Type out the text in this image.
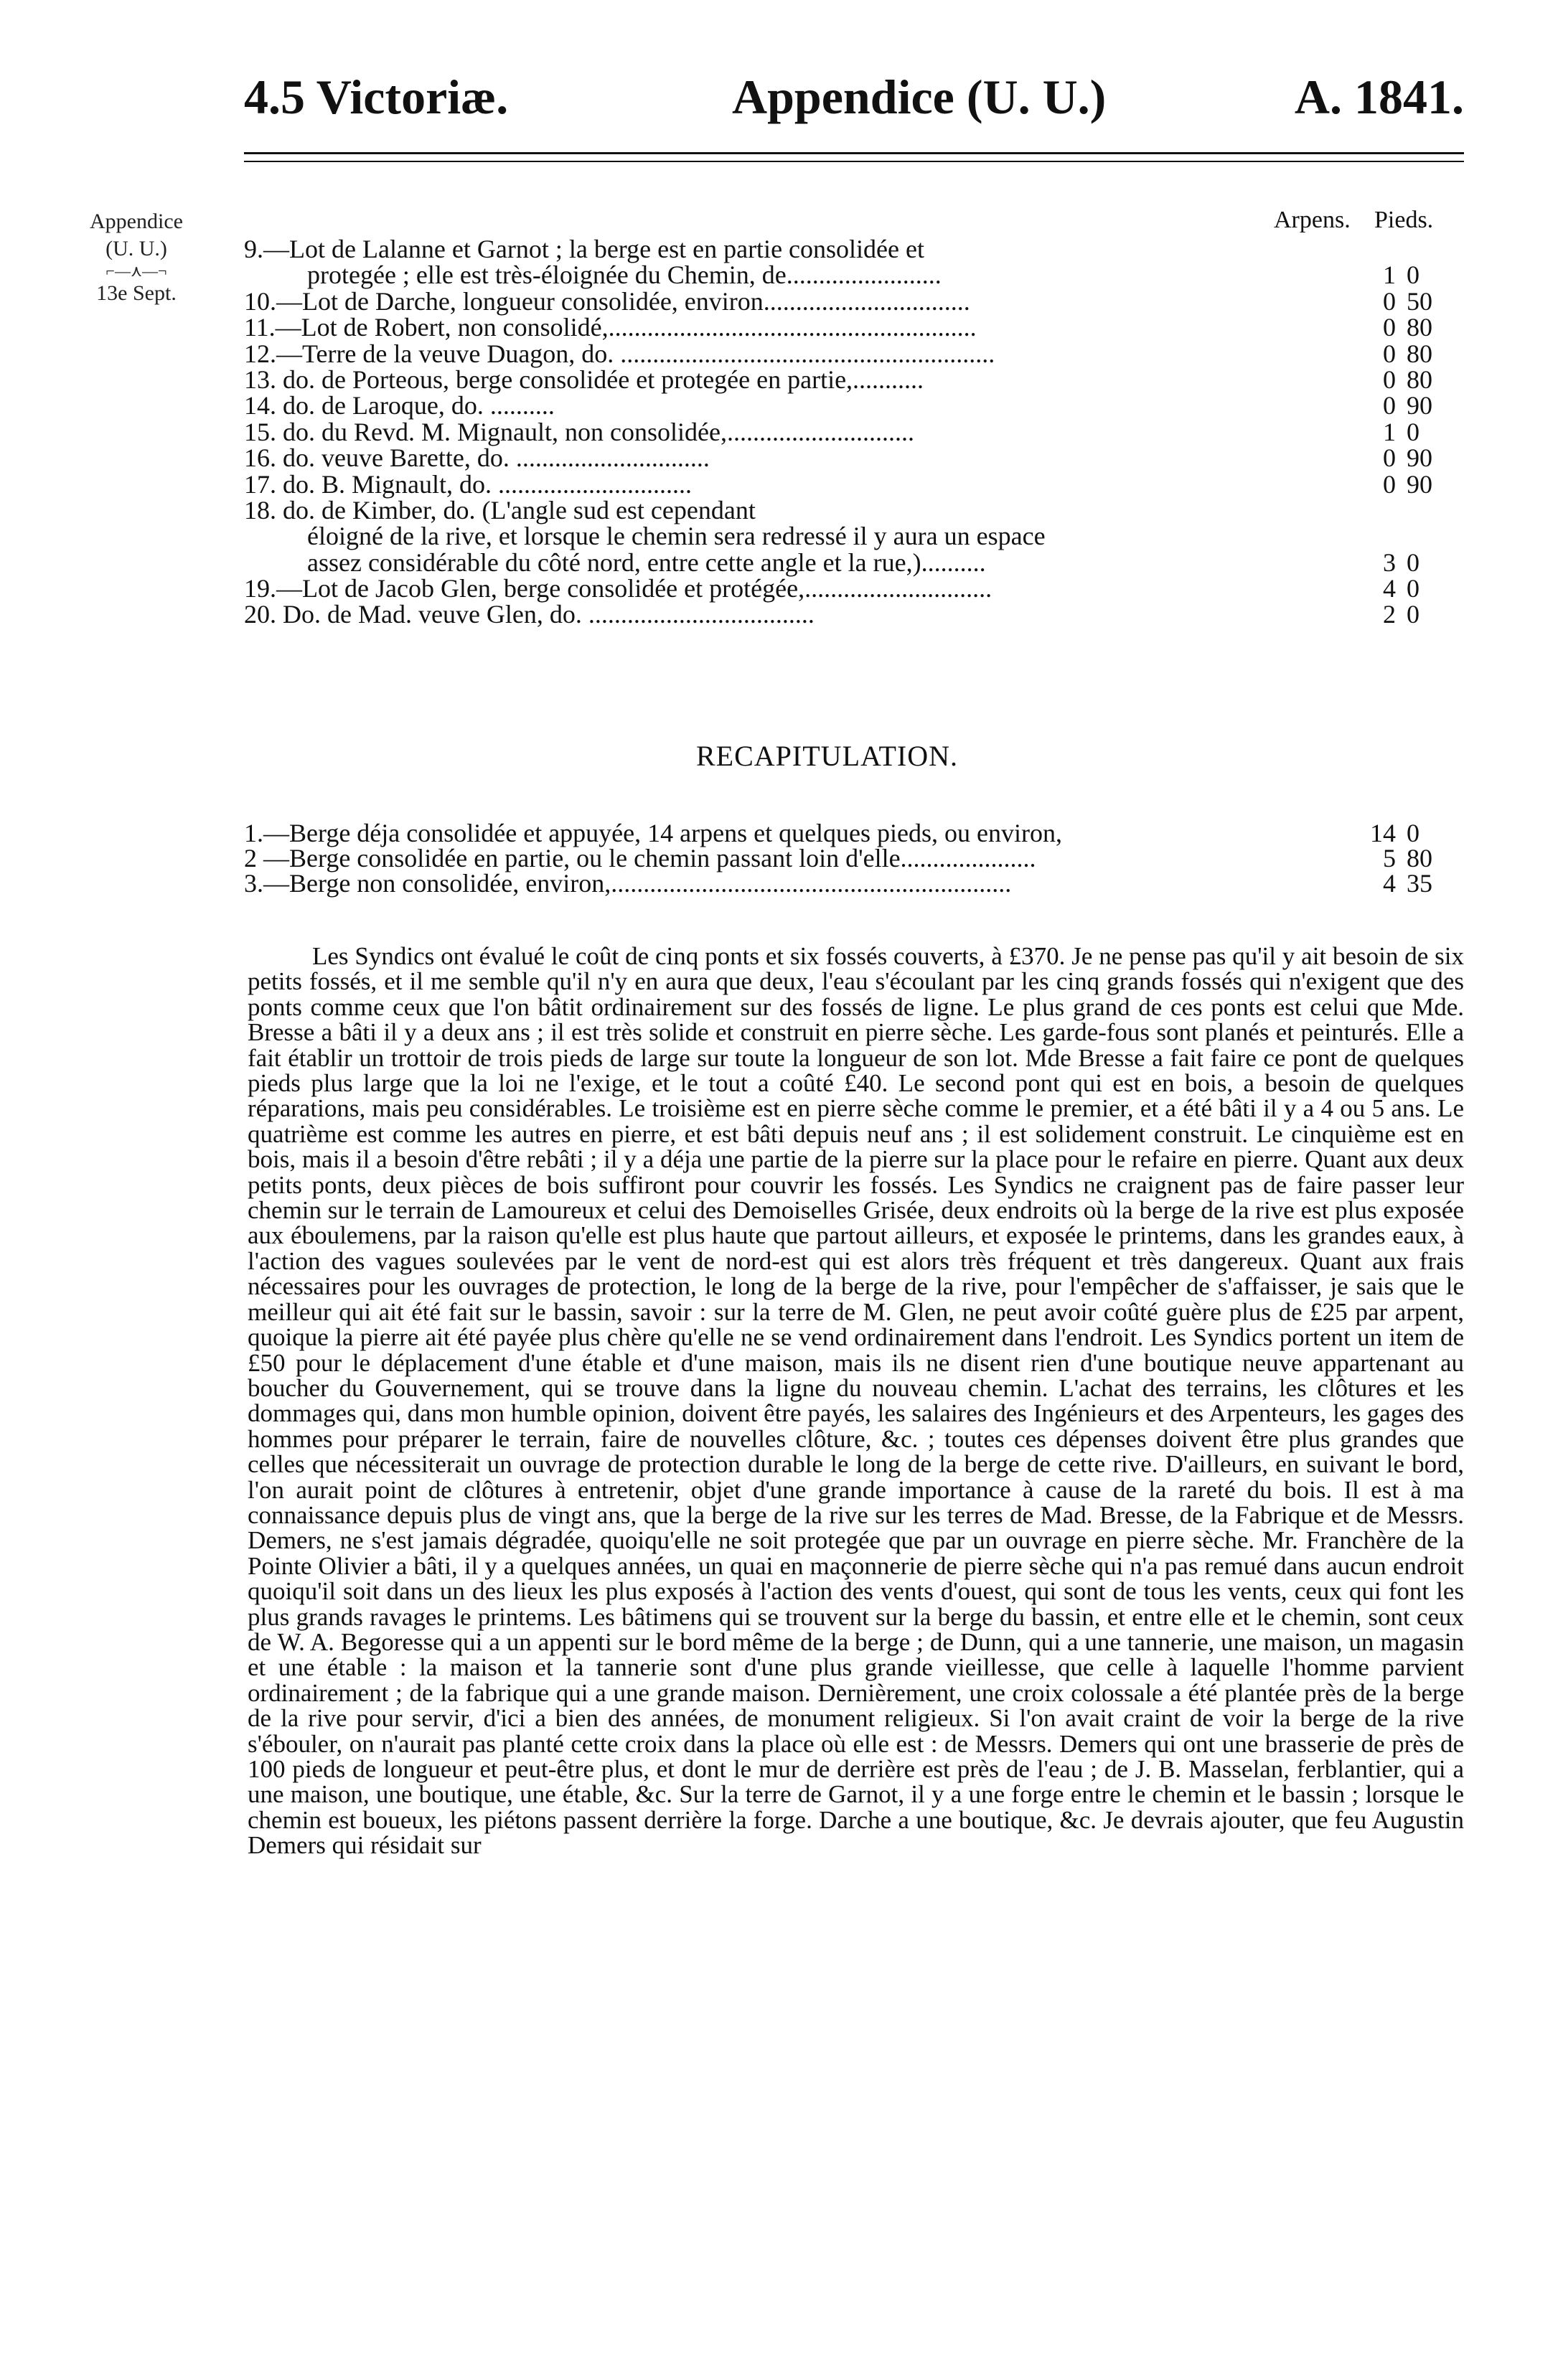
4.5 Victoriæ.	Appendice (U. U.)	A. 1841.
Appendice
(U. U.)
⌐—⋏—¬
13e Sept.
Arpens. Pieds.
9.—Lot de Lalanne et Garnot ; la berge est en partie consolidée et
protegée ; elle est très-éloignée du Chemin, de........................	1 0
10.—Lot de Darche, longueur consolidée, environ................................	0 50
11.—Lot de Robert, non consolidé,.........................................................	0 80
12.—Terre de la veuve Duagon, do. ..........................................................	0 80
13. do. de Porteous, berge consolidée et protegée en partie,...........	0 80
14. do. de Laroque, do. ..........	0 90
15. do. du Revd. M. Mignault, non consolidée,.............................	1 0
16. do. veuve Barette, do. ..............................	0 90
17. do. B. Mignault, do. ..............................	0 90
18. do. de Kimber, do. (L'angle sud est cependant
éloigné de la rive, et lorsque le chemin sera redressé il y aura un espace
assez considérable du côté nord, entre cette angle et la rue,)..........	3 0
19.—Lot de Jacob Glen, berge consolidée et protégée,.............................	4 0
20. Do. de Mad. veuve Glen, do. ...................................	2 0
RECAPITULATION.
1.—Berge déja consolidée et appuyée, 14 arpens et quelques pieds, ou environ,	14 0
2 —Berge consolidée en partie, ou le chemin passant loin d'elle.....................	5 80
3.—Berge non consolidée, environ,..............................................................	4 35

Les Syndics ont évalué le coût de cinq ponts et six fossés couverts, à £370. Je ne pense pas qu'il y ait besoin de six petits fossés, et il me semble qu'il n'y en aura que deux, l'eau s'écoulant par les cinq grands fossés qui n'exigent que des ponts comme ceux que l'on bâtit ordinairement sur des fossés de ligne. Le plus grand de ces ponts est celui que Mde. Bresse a bâti il y a deux ans ; il est très solide et construit en pierre sèche. Les garde-fous sont planés et peinturés. Elle a fait établir un trottoir de trois pieds de large sur toute la longueur de son lot. Mde Bresse a fait faire ce pont de quelques pieds plus large que la loi ne l'exige, et le tout a coûté £40. Le second pont qui est en bois, a besoin de quelques réparations, mais peu considérables. Le troisième est en pierre sèche comme le premier, et a été bâti il y a 4 ou 5 ans. Le quatrième est comme les autres en pierre, et est bâti depuis neuf ans ; il est solidement construit. Le cinquième est en bois, mais il a besoin d'être rebâti ; il y a déja une partie de la pierre sur la place pour le refaire en pierre. Quant aux deux petits ponts, deux pièces de bois suffiront pour couvrir les fossés. Les Syndics ne craignent pas de faire passer leur chemin sur le terrain de Lamoureux et celui des Demoiselles Grisée, deux endroits où la berge de la rive est plus exposée aux éboulemens, par la raison qu'elle est plus haute que partout ailleurs, et exposée le printems, dans les grandes eaux, à l'action des vagues soulevées par le vent de nord-est qui est alors très fréquent et très dangereux. Quant aux frais nécessaires pour les ouvrages de protection, le long de la berge de la rive, pour l'empêcher de s'affaisser, je sais que le meilleur qui ait été fait sur le bassin, savoir : sur la terre de M. Glen, ne peut avoir coûté guère plus de £25 par arpent, quoique la pierre ait été payée plus chère qu'elle ne se vend ordinairement dans l'endroit. Les Syndics portent un item de £50 pour le déplacement d'une étable et d'une maison, mais ils ne disent rien d'une boutique neuve appartenant au boucher du Gouvernement, qui se trouve dans la ligne du nouveau chemin. L'achat des terrains, les clôtures et les dommages qui, dans mon humble opinion, doivent être payés, les salaires des Ingénieurs et des Arpenteurs, les gages des hommes pour préparer le terrain, faire de nouvelles clôture, &c. ; toutes ces dépenses doivent être plus grandes que celles que nécessiterait un ouvrage de protection durable le long de la berge de cette rive. D'ailleurs, en suivant le bord, l'on aurait point de clôtures à entretenir, objet d'une grande importance à cause de la rareté du bois. Il est à ma connaissance depuis plus de vingt ans, que la berge de la rive sur les terres de Mad. Bresse, de la Fabrique et de Messrs. Demers, ne s'est jamais dégradée, quoiqu'elle ne soit protegée que par un ouvrage en pierre sèche. Mr. Franchère de la Pointe Olivier a bâti, il y a quelques années, un quai en maçonnerie de pierre sèche qui n'a pas remué dans aucun endroit quoiqu'il soit dans un des lieux les plus exposés à l'action des vents d'ouest, qui sont de tous les vents, ceux qui font les plus grands ravages le printems. Les bâtimens qui se trouvent sur la berge du bassin, et entre elle et le chemin, sont ceux de W. A. Begoresse qui a un appenti sur le bord même de la berge ; de Dunn, qui a une tannerie, une maison, un magasin et une étable : la maison et la tannerie sont d'une plus grande vieillesse, que celle à laquelle l'homme parvient ordinairement ; de la fabrique qui a une grande maison. Dernièrement, une croix colossale a été plantée près de la berge de la rive pour servir, d'ici a bien des années, de monument religieux. Si l'on avait craint de voir la berge de la rive s'ébouler, on n'aurait pas planté cette croix dans la place où elle est : de Messrs. Demers qui ont une brasserie de près de 100 pieds de longueur et peut-être plus, et dont le mur de derrière est près de l'eau ; de J. B. Masselan, ferblantier, qui a une maison, une boutique, une étable, &c. Sur la terre de Garnot, il y a une forge entre le chemin et le bassin ; lorsque le chemin est boueux, les piétons passent derrière la forge. Darche a une boutique, &c. Je devrais ajouter, que feu Augustin Demers qui résidait sur
